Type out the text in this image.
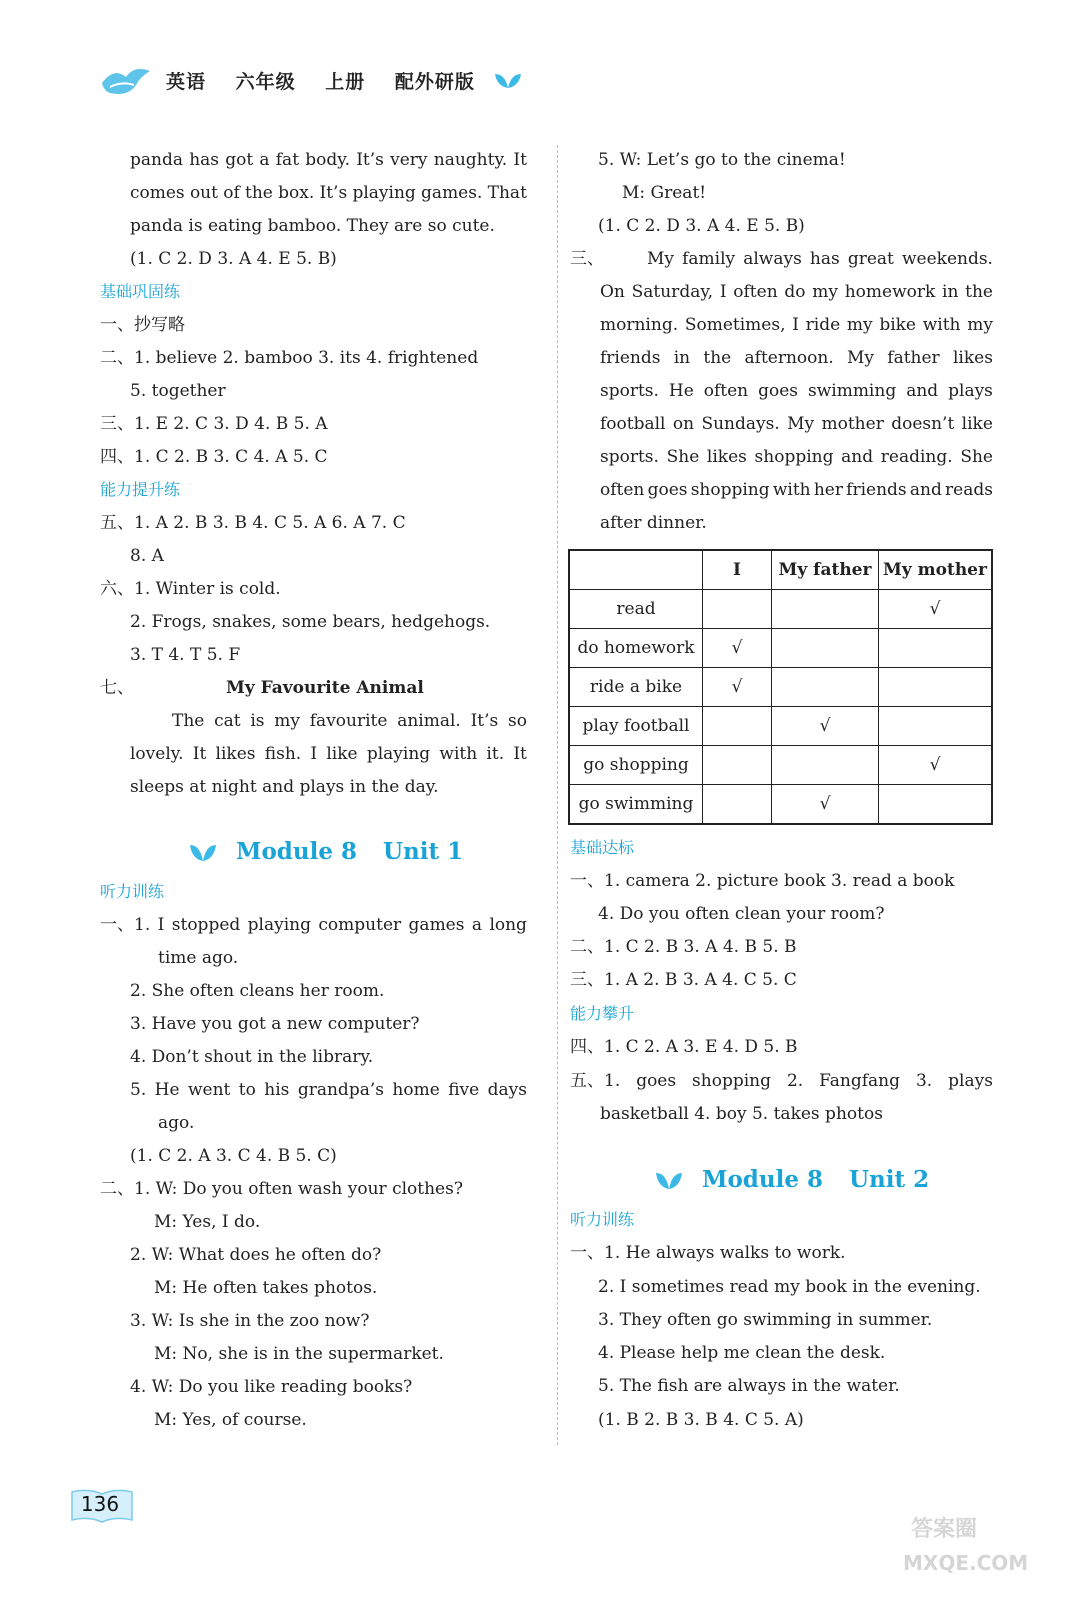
英语 六年级 上册 配外研版
panda has got a fat body. It’s very naughty. It
comes out of the box. It’s playing games. That
panda is eating bamboo. They are so cute.
(1. C 2. D 3. A 4. E 5. B)
基础巩固练
一、抄写略
二、1. believe 2. bamboo 3. its 4. frightened
5. together
三、1. E 2. C 3. D 4. B 5. A
四、1. C 2. B 3. C 4. A 5. C
能力提升练
五、1. A 2. B 3. B 4. C 5. A 6. A 7. C
8. A
六、1. Winter is cold.
2. Frogs, snakes, some bears, hedgehogs.
3. T 4. T 5. F
七、	My Favourite Animal
The cat is my favourite animal. It’s so
lovely. It likes fish. I like playing with it. It
sleeps at night and plays in the day.
Module 8 Unit 1
听力训练
一、1. I stopped playing computer games a long
time ago.
2. She often cleans her room.
3. Have you got a new computer?
4. Don’t shout in the library.
5. He went to his grandpa’s home five days
ago.
(1. C 2. A 3. C 4. B 5. C)
二、1. W: Do you often wash your clothes?
M: Yes, I do.
2. W: What does he often do?
M: He often takes photos.
3. W: Is she in the zoo now?
M: No, she is in the supermarket.
4. W: Do you like reading books?
M: Yes, of course.
5. W: Let’s go to the cinema!
M: Great!
(1. C 2. D 3. A 4. E 5. B)
三、	My family always has great weekends.
On Saturday, I often do my homework in the
morning. Sometimes, I ride my bike with my
friends in the afternoon. My father likes
sports. He often goes swimming and plays
football on Sundays. My mother doesn’t like
sports. She likes shopping and reading. She
often goes shopping with her friends and reads
after dinner.
	I	My father	My mother
read			√
do homework	√		
ride a bike	√		
play football		√	
go shopping			√
go swimming		√	
基础达标
一、1. camera 2. picture book 3. read a book
4. Do you often clean your room?
二、1. C 2. B 3. A 4. B 5. B
三、1. A 2. B 3. A 4. C 5. C
能力攀升
四、1. C 2. A 3. E 4. D 5. B
五、1. goes shopping 2. Fangfang 3. plays
basketball 4. boy 5. takes photos
Module 8 Unit 2
听力训练
一、1. He always walks to work.
2. I sometimes read my book in the evening.
3. They often go swimming in summer.
4. Please help me clean the desk.
5. The fish are always in the water.
(1. B 2. B 3. B 4. C 5. A)
136
答案圈
MXQE.COM
